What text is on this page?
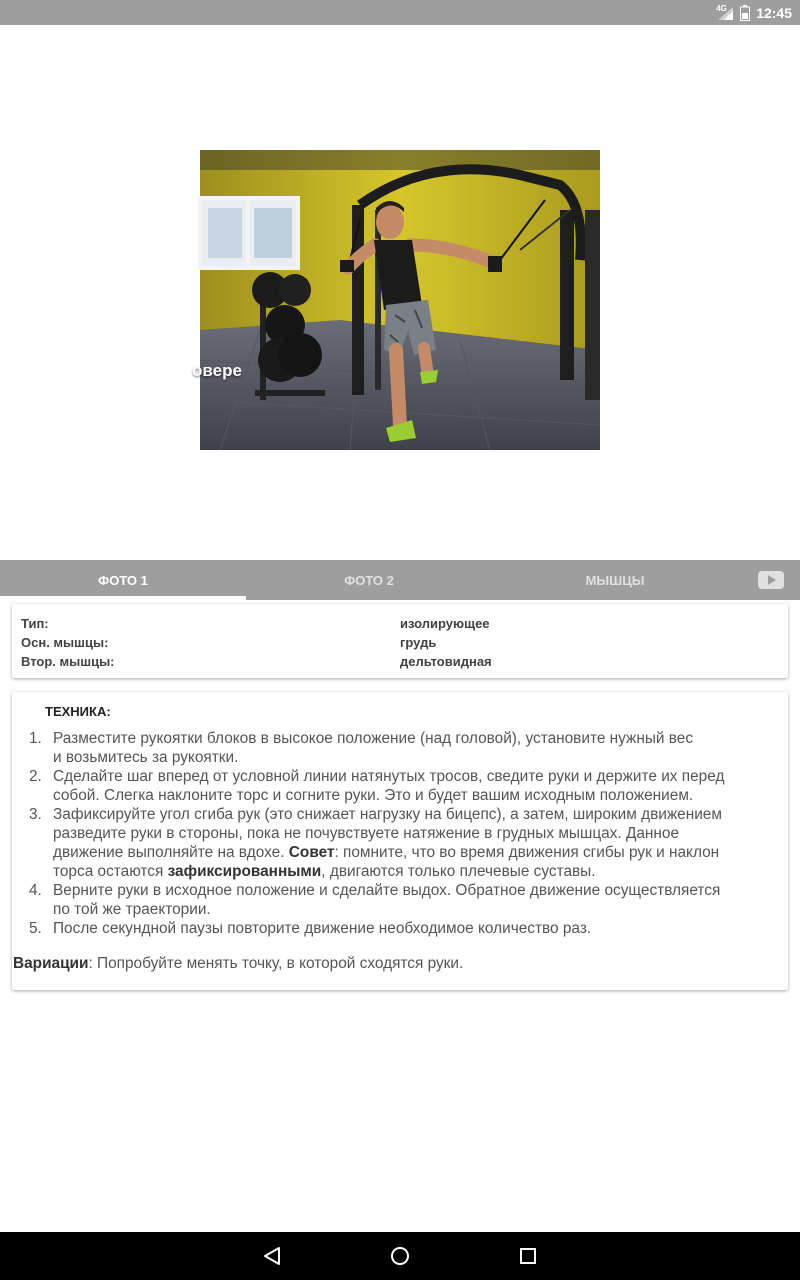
4G 12:45
овере
ФОТО 1	ФОТО 2	МЫШЦЫ
Тип:	изолирующее
Осн. мышцы:	грудь
Втор. мышцы:	дельтовидная
ТЕХНИКА:
1. Разместите рукоятки блоков в высокое положение (над головой), установите нужный вес
и возьмитесь за рукоятки.
2. Сделайте шаг вперед от условной линии натянутых тросов, сведите руки и держите их перед
собой. Слегка наклоните торс и согните руки. Это и будет вашим исходным положением.
3. Зафиксируйте угол сгиба рук (это снижает нагрузку на бицепс), а затем, широким движением
разведите руки в стороны, пока не почувствуете натяжение в грудных мышцах. Данное
движение выполняйте на вдохе. Совет: помните, что во время движения сгибы рук и наклон
торса остаются зафиксированными, двигаются только плечевые суставы.
4. Верните руки в исходное положение и сделайте выдох. Обратное движение осуществляется
по той же траектории.
5. После секундной паузы повторите движение необходимое количество раз.
Вариации: Попробуйте менять точку, в которой сходятся руки.
